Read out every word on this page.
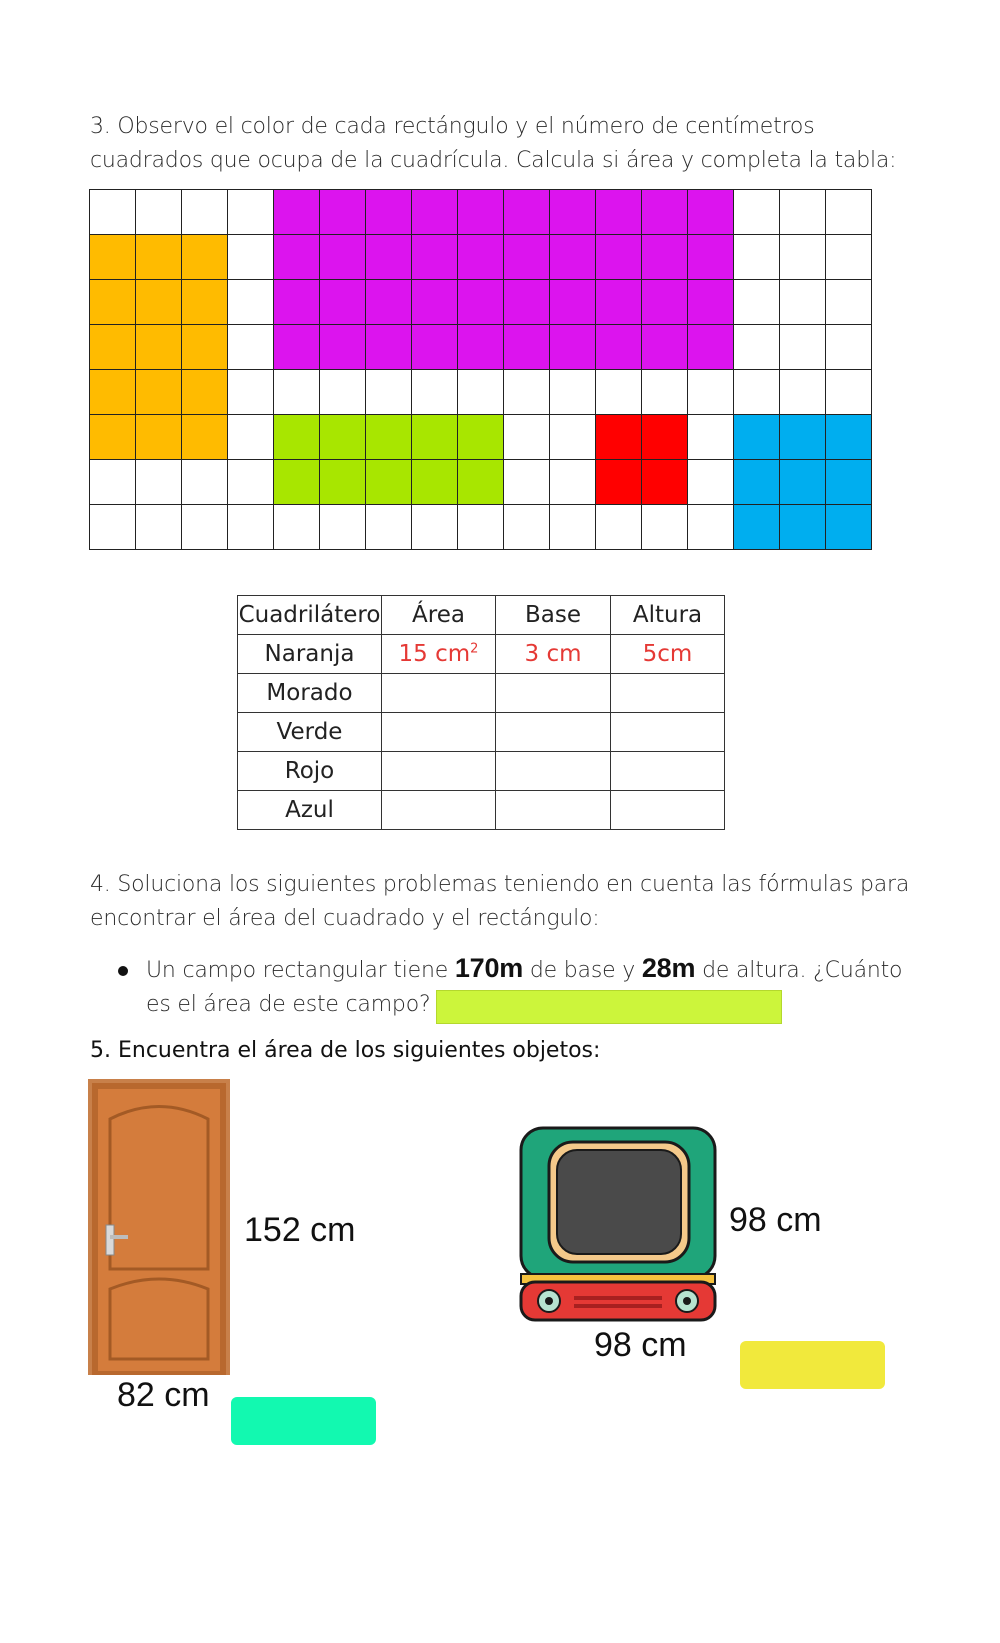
3. Observo el color de cada rectángulo y el número de centímetros
cuadrados que ocupa de la cuadrícula. Calcula si área y completa la tabla:

Cuadrilátero	Área	Base	Altura
Naranja	15 $cm^2$	3 cm	5cm
Morado			
Verde			
Rojo			
Azul			
4. Soluciona los siguientes problemas teniendo en cuenta las fórmulas para
encontrar el área del cuadrado y el rectángulo:
Un campo rectangular tiene 170m de base y 28m de altura. ¿Cuánto
es el área de este campo?
5. Encuentra el área de los siguientes objetos:
152 cm
82 cm
98 cm
98 cm
